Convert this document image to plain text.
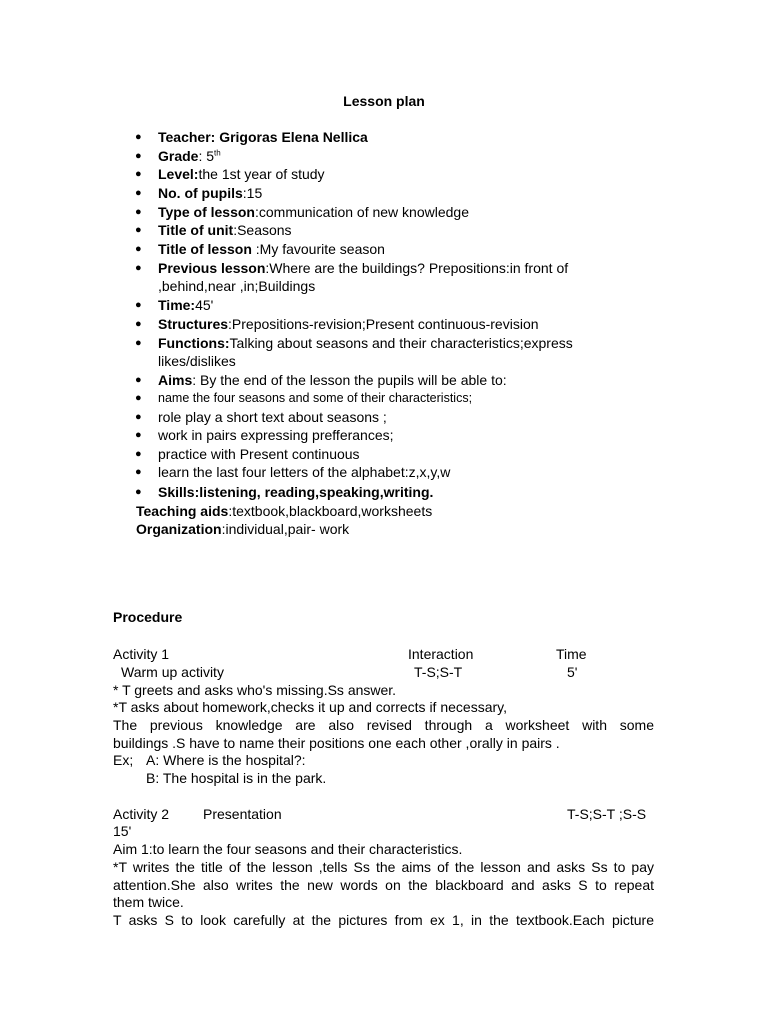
Lesson plan
● Teacher: Grigoras Elena Nellica
● Grade: 5th
● Level:the 1st year of study
● No. of pupils:15
● Type of lesson:communication of new knowledge
● Title of unit:Seasons
● Title of lesson :My favourite season
● Previous lesson:Where are the buildings? Prepositions:in front of
,behind,near ,in;Buildings
● Time:45'
● Structures:Prepositions-revision;Present continuous-revision
● Functions:Talking about seasons and their characteristics;express
likes/dislikes
● Aims: By the end of the lesson the pupils will be able to:
● name the four seasons and some of their characteristics;
● role play a short text about seasons ;
● work in pairs expressing prefferances;
● practice with Present continuous
● learn the last four letters of the alphabet:z,x,y,w
● Skills:listening, reading,speaking,writing.
Teaching aids:textbook,blackboard,worksheets
Organization:individual,pair- work
Procedure
Activity 1	Interaction	Time
Warm up activity	T-S;S-T	5'
* T greets and asks who's missing.Ss answer.
*T asks about homework,checks it up and corrects if necessary,
The previous knowledge are also revised through a worksheet with some
buildings .S have to name their positions one each other ,orally in pairs .
Ex; A: Where is the hospital?:
B: The hospital is in the park.
Activity 2 Presentation	T-S;S-T ;S-S
15'
Aim 1:to learn the four seasons and their characteristics.
*T writes the title of the lesson ,tells Ss the aims of the lesson and asks Ss to pay
attention.She also writes the new words on the blackboard and asks S to repeat
them twice.
T asks S to look carefully at the pictures from ex 1, in the textbook.Each picture
